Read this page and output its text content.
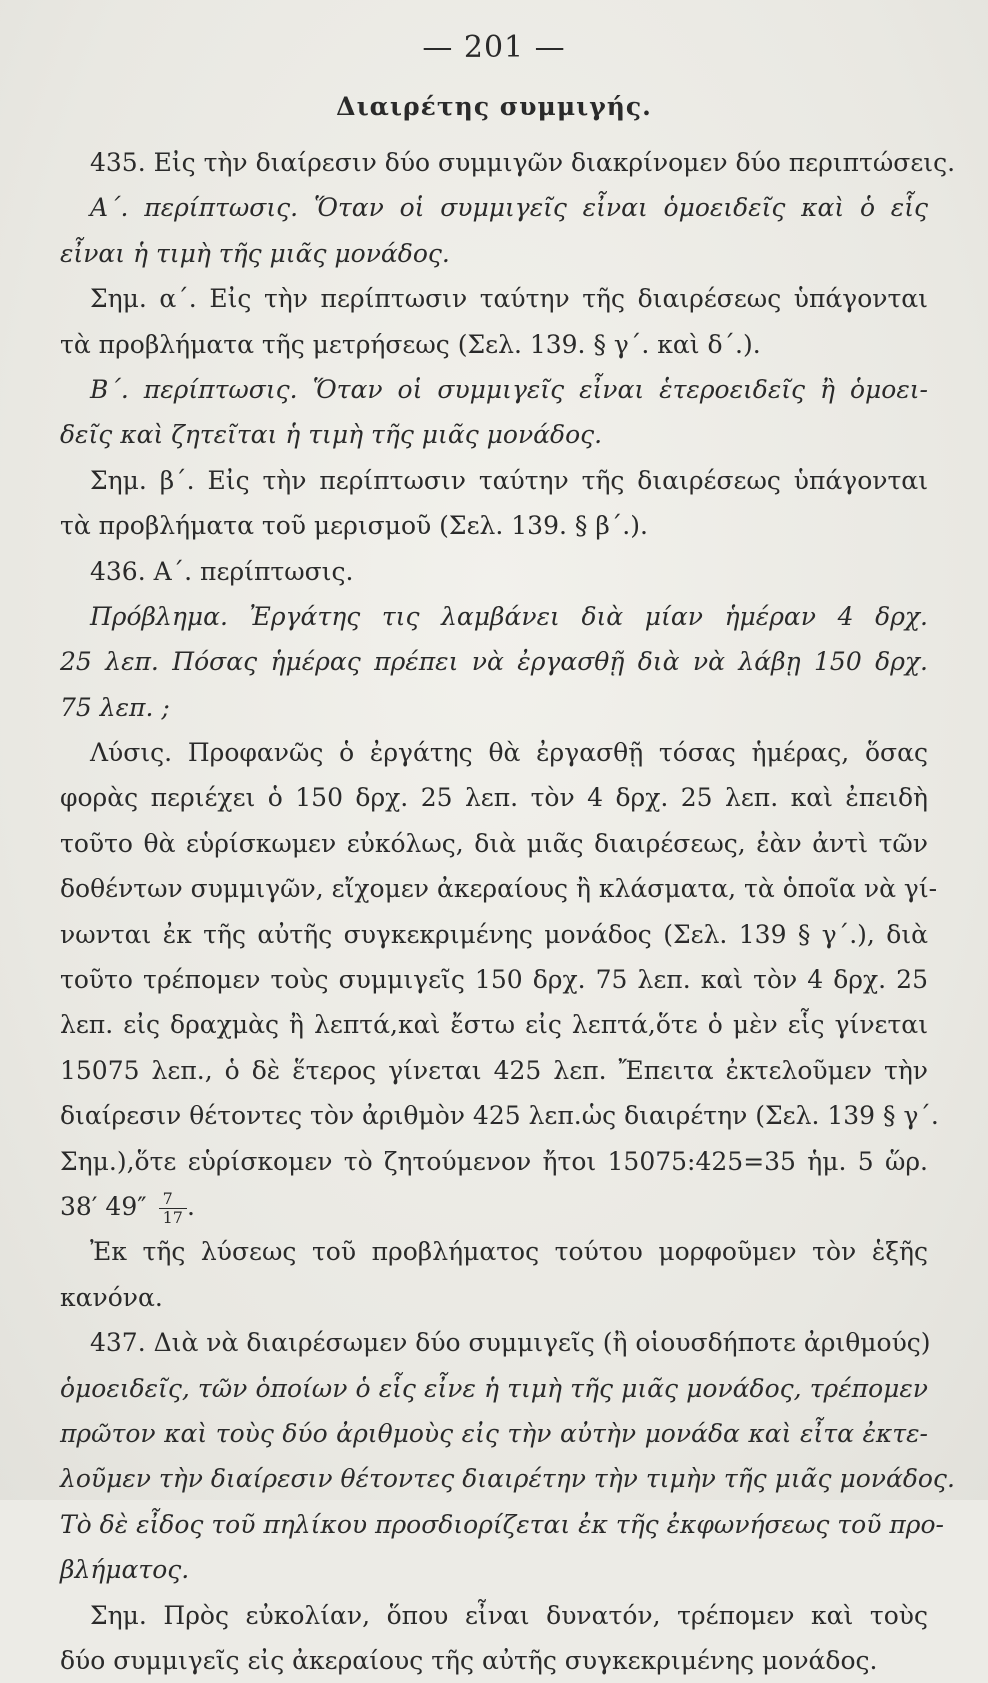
— 201 —
Διαιρέτης συμμιγής.
435. Εἰς τὴν διαίρεσιν δύο συμμιγῶν διακρίνομεν δύο περιπτώσεις.
Α΄. περίπτωσις. Ὅταν οἱ συμμιγεῖς εἶναι ὁμοειδεῖς καὶ ὁ εἷς
εἶναι ἡ τιμὴ τῆς μιᾶς μονάδος.
Σημ. α΄. Εἰς τὴν περίπτωσιν ταύτην τῆς διαιρέσεως ὑπάγονται
τὰ προβλήματα τῆς μετρήσεως (Σελ. 139. § γ΄. καὶ δ΄.).
Β΄. περίπτωσις. Ὅταν οἱ συμμιγεῖς εἶναι ἑτεροειδεῖς ἢ ὁμοει-
δεῖς καὶ ζητεῖται ἡ τιμὴ τῆς μιᾶς μονάδος.
Σημ. β΄. Εἰς τὴν περίπτωσιν ταύτην τῆς διαιρέσεως ὑπάγονται
τὰ προβλήματα τοῦ μερισμοῦ (Σελ. 139. § β΄.).
436. Α΄. περίπτωσις.
Πρόβλημα. Ἐργάτης τις λαμβάνει διὰ μίαν ἡμέραν 4 δρχ.
25 λεπ. Πόσας ἡμέρας πρέπει νὰ ἐργασθῇ διὰ νὰ λάβῃ 150 δρχ.
75 λεπ. ;
Λύσις. Προφανῶς ὁ ἐργάτης θὰ ἐργασθῇ τόσας ἡμέρας, ὅσας
φορὰς περιέχει ὁ 150 δρχ. 25 λεπ. τὸν 4 δρχ. 25 λεπ. καὶ ἐπειδὴ
τοῦτο θὰ εὑρίσκωμεν εὐκόλως, διὰ μιᾶς διαιρέσεως, ἐὰν ἀντὶ τῶν
δοθέντων συμμιγῶν, εἴχομεν ἀκεραίους ἢ κλάσματα, τὰ ὁποῖα νὰ γί-
νωνται ἐκ τῆς αὐτῆς συγκεκριμένης μονάδος (Σελ. 139 § γ΄.), διὰ
τοῦτο τρέπομεν τοὺς συμμιγεῖς 150 δρχ. 75 λεπ. καὶ τὸν 4 δρχ. 25
λεπ. εἰς δραχμὰς ἢ λεπτά,καὶ ἔστω εἰς λεπτά,ὅτε ὁ μὲν εἷς γίνεται
15075 λεπ., ὁ δὲ ἕτερος γίνεται 425 λεπ. Ἔπειτα ἐκτελοῦμεν τὴν
διαίρεσιν θέτοντες τὸν ἀριθμὸν 425 λεπ.ὡς διαιρέτην (Σελ. 139 § γ΄.
Σημ.),ὅτε εὑρίσκομεν τὸ ζητούμενον ἤτοι 15075:425=35 ἡμ. 5 ὥρ.
38′ $49'' \frac{7}{17}$ .
Ἐκ τῆς λύσεως τοῦ προβλήματος τούτου μορφοῦμεν τὸν ἑξῆς
κανόνα.
437. Διὰ νὰ διαιρέσωμεν δύο συμμιγεῖς (ἢ οἱουσδήποτε ἀριθμούς)
ὁμοειδεῖς, τῶν ὁποίων ὁ εἷς εἶνε ἡ τιμὴ τῆς μιᾶς μονάδος, τρέπομεν
πρῶτον καὶ τοὺς δύο ἀριθμοὺς εἰς τὴν αὐτὴν μονάδα καὶ εἶτα ἐκτε-
λοῦμεν τὴν διαίρεσιν θέτοντες διαιρέτην τὴν τιμὴν τῆς μιᾶς μονάδος.
Τὸ δὲ εἶδος τοῦ πηλίκου προσδιορίζεται ἐκ τῆς ἐκφωνήσεως τοῦ προ-
βλήματος.
Σημ. Πρὸς εὐκολίαν, ὅπου εἶναι δυνατόν, τρέπομεν καὶ τοὺς
δύο συμμιγεῖς εἰς ἀκεραίους τῆς αὐτῆς συγκεκριμένης μονάδος.
